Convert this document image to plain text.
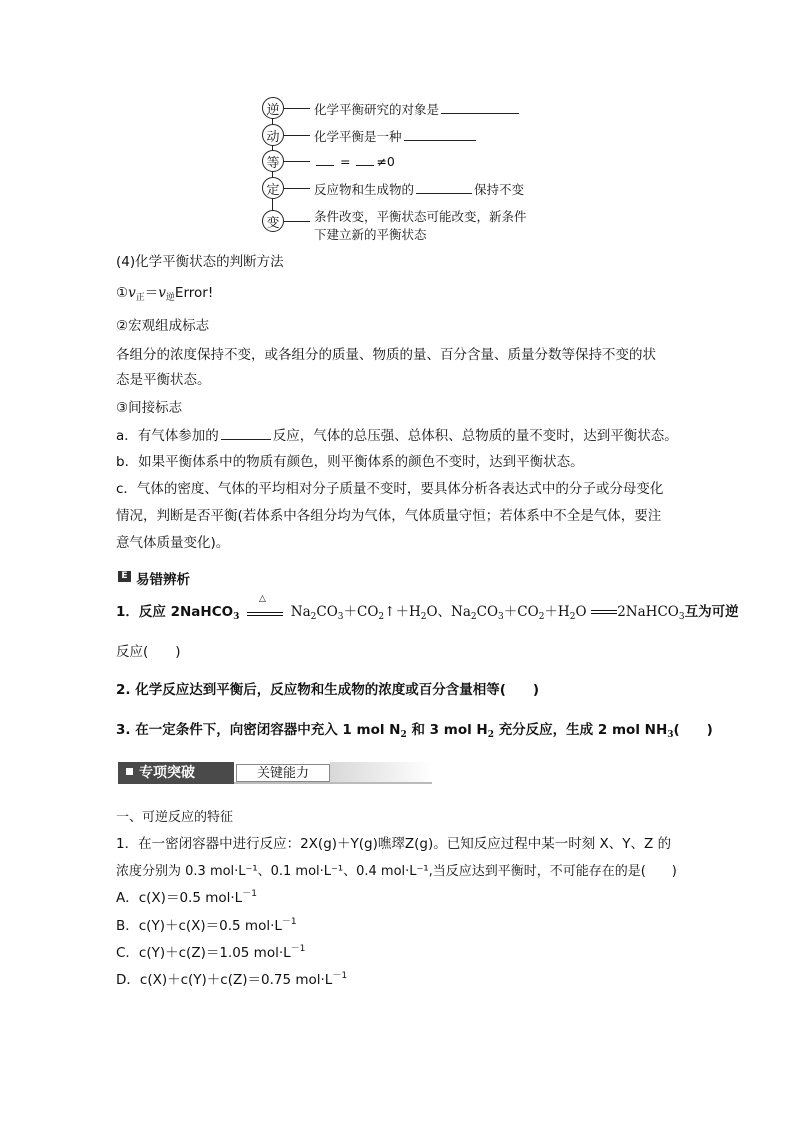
逆	化学平衡研究的对象是
动	化学平衡是一种
等	= ≠0
定	反应物和生成物的	保持不变
变	条件改变，平衡状态可能改变，新条件
下建立新的平衡状态
(4)化学平衡状态的判断方法
$①v_正=v_逆Error$!
②宏观组成标志
各组分的浓度保持不变，或各组分的质量、物质的量、百分含量、质量分数等保持不变的状
态是平衡状态。
③间接标志
a．有气体参加的	反应，气体的总压强、总体积、总物质的量不变时，达到平衡状态。
b．如果平衡体系中的物质有颜色，则平衡体系的颜色不变时，达到平衡状态。
c．气体的密度、气体的平均相对分子质量不变时，要具体分析各表达式中的分子或分母变化
情况，判断是否平衡(若体系中各组分均为气体，气体质量守恒；若体系中不全是气体，要注
意气体质量变化)。
E 易错辨析
1．反应 2NaHCO$_3$
△
$Na_2CO_3+CO_2↑+H_2O$、$Na_2CO_3+CO_2+H_2O$ 2NaHCO$_3$互为可逆
反应(　　)
2. 化学反应达到平衡后，反应物和生成物的浓度或百分含量相等(　　)
3. 在一定条件下，向密闭容器中充入 1 mol $N_2$ 和 3 mol $H_2$ 充分反应，生成 2 mol $NH_3$(　　)
专项突破	关键能力
一、可逆反应的特征
1．在一密闭容器中进行反应：2X(g)＋Y(g)噍璻Z(g)。已知反应过程中某一时刻 X、Y、Z 的
浓度分别为 0.3 mol·L⁻¹、0.1 mol·L⁻¹、0.4 mol·L⁻¹,当反应达到平衡时，不可能存在的是(　　)
A．c(X)＝0.5 $mol\cdot L^{-1}$
B．c(Y)＋c(X)＝0.5 $mol\cdot L^{-1}$
C．c(Y)＋c(Z)＝1.05 $mol\cdot L^{-1}$
D．c(X)＋c(Y)＋c(Z)＝0.75 $mol\cdot L^{-1}$
